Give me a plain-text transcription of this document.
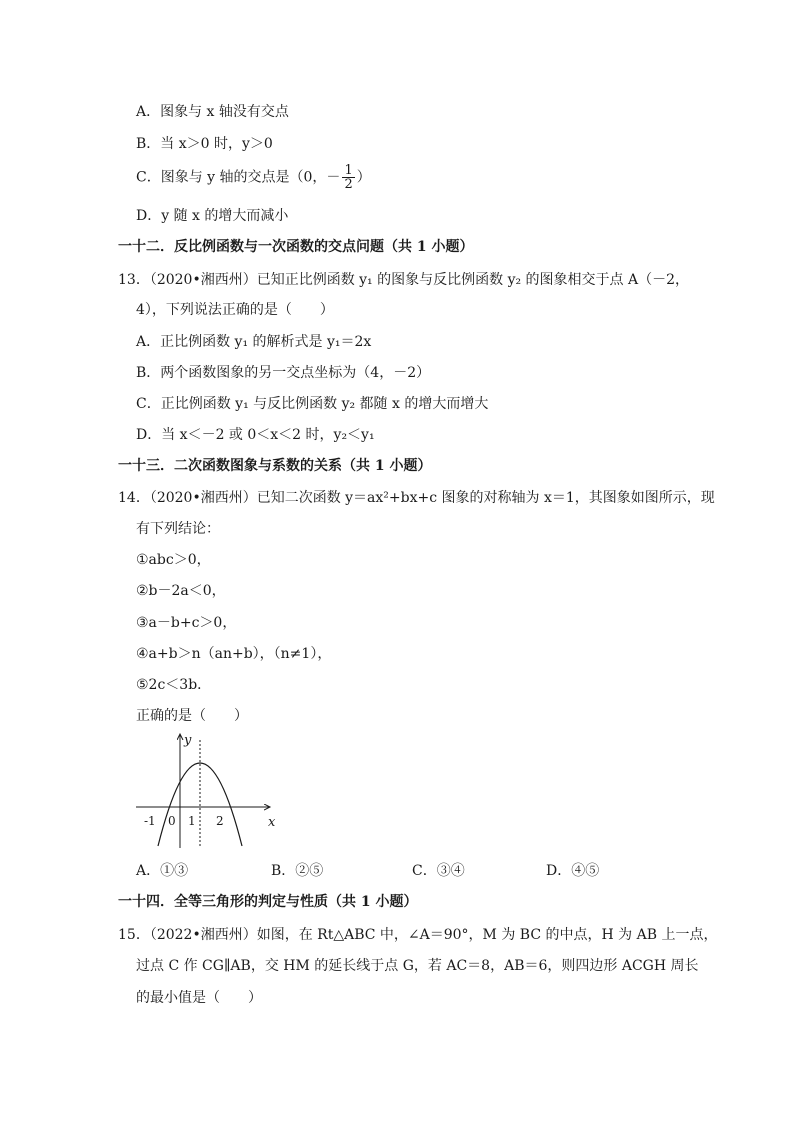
A．图象与 x 轴没有交点
B．当 x＞0 时，y＞0
C．图象与 y 轴的交点是（0，－ $\frac{1}{2}$ ）
D．y 随 x 的增大而减小
一十二．反比例函数与一次函数的交点问题（共 1 小题）
13．（2020•湘西州）已知正比例函数 y₁ 的图象与反比例函数 y₂ 的图象相交于点 A（－2，
4），下列说法正确的是（　　）
A．正比例函数 y₁ 的解析式是 y₁＝2x
B．两个函数图象的另一交点坐标为（4，－2）
C．正比例函数 y₁ 与反比例函数 y₂ 都随 x 的增大而增大
D．当 x＜－2 或 0＜x＜2 时，y₂＜y₁
一十三．二次函数图象与系数的关系（共 1 小题）
14．（2020•湘西州）已知二次函数 y＝ax²+bx+c 图象的对称轴为 x＝1，其图象如图所示，现
有下列结论：
①abc＞0，
②b－2a＜0，
③a－b+c＞0，
④a+b＞n（an+b），（n≠1），
⑤2c＜3b．
正确的是（　　）
y
x
-1 0 1 2
A．①③	B．②⑤	C．③④	D．④⑤
一十四．全等三角形的判定与性质（共 1 小题）
15．（2022•湘西州）如图，在 Rt△ABC 中，∠A＝90°，M 为 BC 的中点，H 为 AB 上一点，
过点 C 作 CG∥AB，交 HM 的延长线于点 G，若 AC＝8，AB＝6，则四边形 ACGH 周长
的最小值是（　　）
